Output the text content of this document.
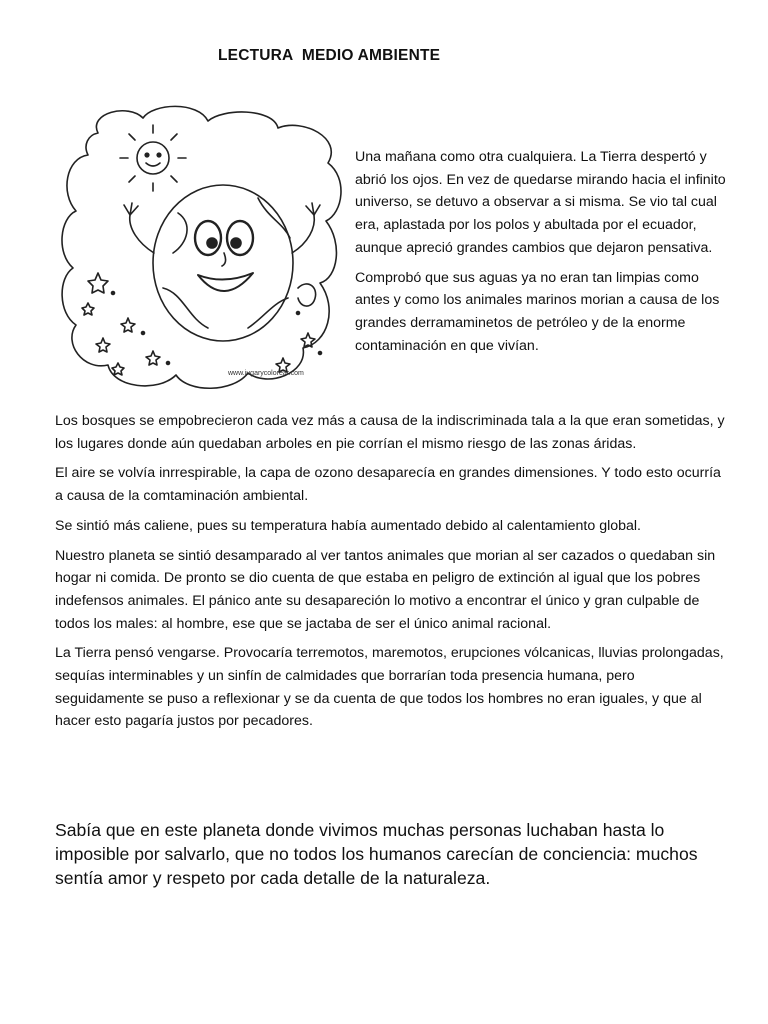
LECTURA  MEDIO AMBIENTE
www.jugarycolorear.com

Una mañana como otra cualquiera. La Tierra despertó y abrió los ojos. En vez de quedarse mirando hacia el infinito universo, se detuvo a observar a si misma. Se vio tal cual era, aplastada por los polos y abultada por el ecuador, aunque apreció grandes cambios que dejaron pensativa.

Comprobó que sus aguas ya no eran tan limpias como antes y como los animales marinos morian a causa de los grandes derramaminetos de petróleo y de la enorme contaminación en que vivían.

Los bosques se empobrecieron cada vez más a causa de la indiscriminada tala a la que eran sometidas, y los lugares donde aún quedaban arboles en pie corrían el mismo riesgo de las zonas áridas.

El aire se volvía inrrespirable, la capa de ozono desaparecía en grandes dimensiones. Y todo esto ocurría a causa de la comtaminación ambiental.

Se sintió más caliene, pues su temperatura había aumentado debido al calentamiento global.

Nuestro planeta se sintió desamparado al ver tantos animales que morian al ser cazados o quedaban sin hogar ni comida. De pronto se dio cuenta de que estaba en peligro de extinción al igual que los pobres indefensos animales. El pánico ante su desapareción lo motivo a encontrar el único y gran culpable de todos los males: al hombre, ese que se jactaba de ser el único animal racional.

La Tierra pensó vengarse. Provocaría terremotos, maremotos, erupciones vólcanicas, lluvias prolongadas, sequías interminables y un sinfín de calmidades que borrarían toda presencia humana, pero seguidamente se puso a reflexionar y se da cuenta de que todos los hombres no eran iguales, y que al hacer esto pagaría justos por pecadores.

Sabía que en este planeta donde vivimos muchas personas luchaban hasta lo imposible por salvarlo, que no todos los humanos carecían de conciencia: muchos sentía amor y respeto por cada detalle de la naturaleza.
